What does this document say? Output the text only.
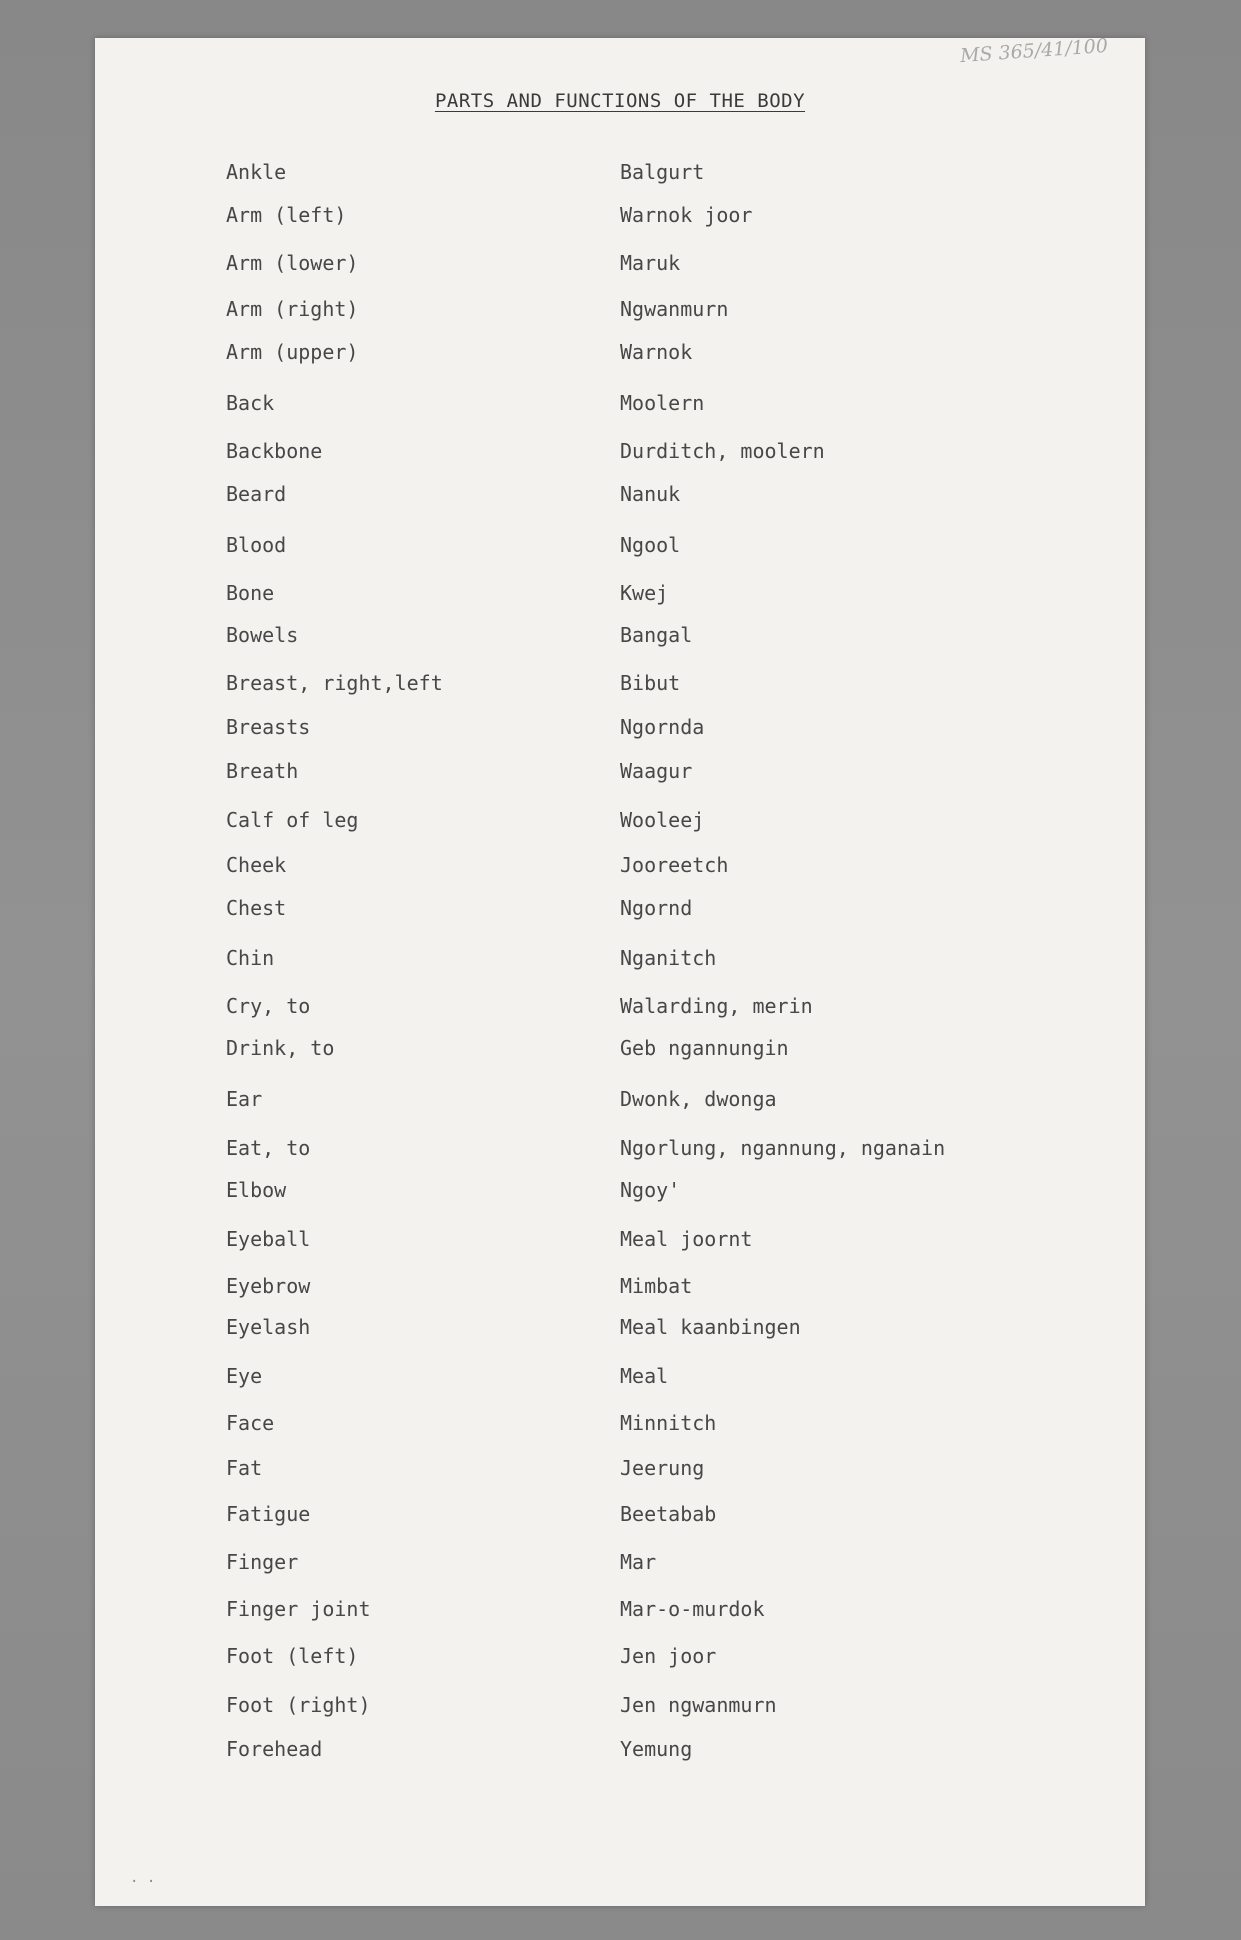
MS 365/41/100
PARTS AND FUNCTIONS OF THE BODY
Ankle	Balgurt
Arm (left)	Warnok joor
Arm (lower)	Maruk
Arm (right)	Ngwanmurn
Arm (upper)	Warnok
Back	Moolern
Backbone	Durditch, moolern
Beard	Nanuk
Blood	Ngool
Bone	Kwej
Bowels	Bangal
Breast, right,left	Bibut
Breasts	Ngornda
Breath	Waagur
Calf of leg	Wooleej
Cheek	Jooreetch
Chest	Ngornd
Chin	Nganitch
Cry, to	Walarding, merin
Drink, to	Geb ngannungin
Ear	Dwonk, dwonga
Eat, to	Ngorlung, ngannung, nganain
Elbow	Ngoy'
Eyeball	Meal joornt
Eyebrow	Mimbat
Eyelash	Meal kaanbingen
Eye	Meal
Face	Minnitch
Fat	Jeerung
Fatigue	Beetabab
Finger	Mar
Finger joint	Mar-o-murdok
Foot (left)	Jen joor
Foot (right)	Jen ngwanmurn
Forehead	Yemung
· ·
